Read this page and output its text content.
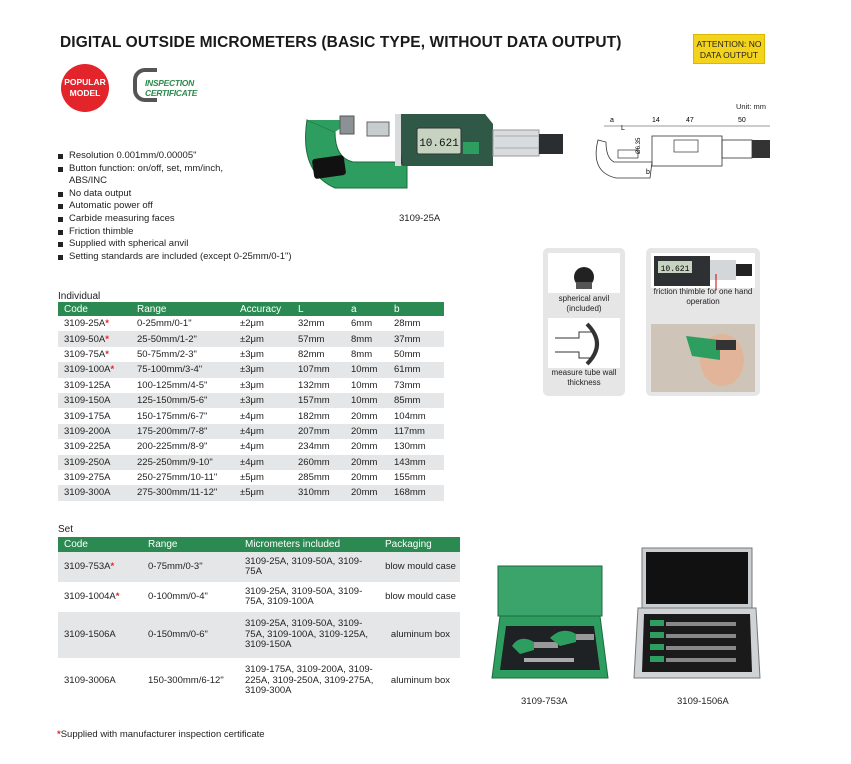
DIGITAL OUTSIDE MICROMETERS (BASIC TYPE, WITHOUT DATA OUTPUT)	ATTENTION: NO DATA OUTPUT
POPULAR MODEL
INSPECTION
CERTIFICATE
10.621
3109-25A
Unit: mm
a
L
14	47	50
Ø6.35
b
Resolution 0.001mm/0.00005"
Button function: on/off, set, mm/inch, ABS/INC
No data output
Automatic power off
Carbide measuring faces
Friction thimble
Supplied with spherical anvil
Setting standards are included (except 0-25mm/0-1")
spherical anvil (included)
measure tube wall thickness
10.621
friction thimble for one hand operation
Individual
Code	Range	Accuracy	L	a	b
3109-25A*	0-25mm/0-1"	±2μm	32mm	6mm	28mm
3109-50A*	25-50mm/1-2"	±2μm	57mm	8mm	37mm
3109-75A*	50-75mm/2-3"	±3μm	82mm	8mm	50mm
3109-100A*	75-100mm/3-4"	±3μm	107mm	10mm	61mm
3109-125A	100-125mm/4-5"	±3μm	132mm	10mm	73mm
3109-150A	125-150mm/5-6"	±3μm	157mm	10mm	85mm
3109-175A	150-175mm/6-7"	±4μm	182mm	20mm	104mm
3109-200A	175-200mm/7-8"	±4μm	207mm	20mm	117mm
3109-225A	200-225mm/8-9"	±4μm	234mm	20mm	130mm
3109-250A	225-250mm/9-10"	±4μm	260mm	20mm	143mm
3109-275A	250-275mm/10-11"	±5μm	285mm	20mm	155mm
3109-300A	275-300mm/11-12"	±5μm	310mm	20mm	168mm
Set
Code	Range	Micrometers included	Packaging
3109-753A*	0-75mm/0-3"	3109-25A, 3109-50A, 3109-75A	blow mould case
3109-1004A*	0-100mm/0-4"	3109-25A, 3109-50A, 3109-75A, 3109-100A	blow mould case
3109-1506A	0-150mm/0-6"	3109-25A, 3109-50A, 3109-75A, 3109-100A, 3109-125A, 3109-150A	aluminum box
3109-3006A	150-300mm/6-12"	3109-175A, 3109-200A, 3109-225A, 3109-250A, 3109-275A, 3109-300A	aluminum box
3109-753A	3109-1506A
*Supplied with manufacturer inspection certificate
